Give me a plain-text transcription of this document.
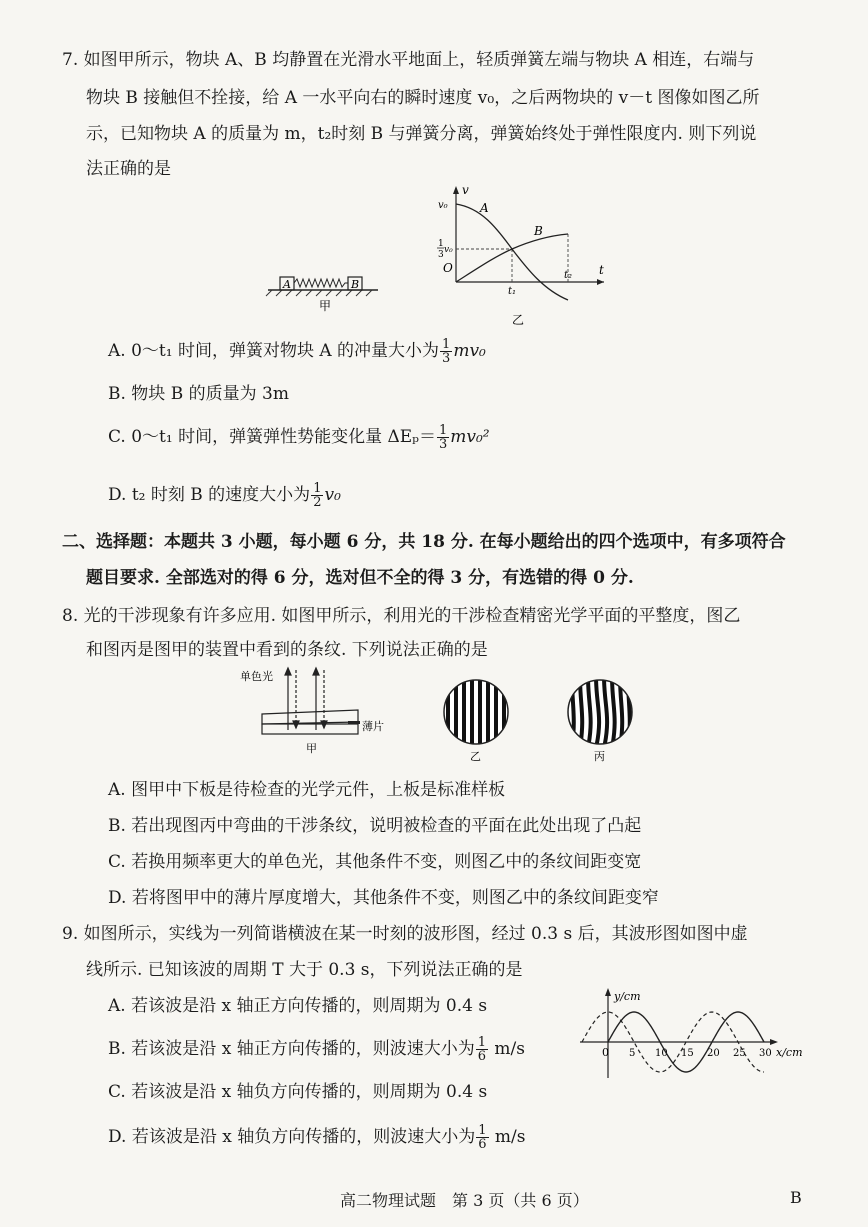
7. 如图甲所示，物块 A、B 均静置在光滑水平地面上，轻质弹簧左端与物块 A 相连，右端与
物块 B 接触但不拴接，给 A 一水平向右的瞬时速度 v₀，之后两物块的 v－t 图像如图乙所
示，已知物块 A 的质量为 m，t₂时刻 B 与弹簧分离，弹簧始终处于弹性限度内. 则下列说
法正确的是
A	B
甲
v
t
O
v₀
1
3 v₀
A
B
t₁
t₂
乙
A. 0～t₁ 时间，弹簧对物块 A 的冲量大小为 $\frac{1}{3} mv_0$
B. 物块 B 的质量为 3m
C. 0～t₁ 时间，弹簧弹性势能变化量 $\Delta E_p= \frac{1}{3} mv_0^2$
D. t₂ 时刻 B 的速度大小为 $\frac{1}{2} v_0$
二、选择题：本题共 3 小题，每小题 6 分，共 18 分. 在每小题给出的四个选项中，有多项符合
题目要求. 全部选对的得 6 分，选对但不全的得 3 分，有选错的得 0 分.
8. 光的干涉现象有许多应用. 如图甲所示，利用光的干涉检查精密光学平面的平整度，图乙
和图丙是图甲的装置中看到的条纹. 下列说法正确的是
单色光
薄片
甲
乙	丙
A. 图甲中下板是待检查的光学元件，上板是标准样板
B. 若出现图丙中弯曲的干涉条纹，说明被检查的平面在此处出现了凸起
C. 若换用频率更大的单色光，其他条件不变，则图乙中的条纹间距变宽
D. 若将图甲中的薄片厚度增大，其他条件不变，则图乙中的条纹间距变窄
9. 如图所示，实线为一列简谐横波在某一时刻的波形图，经过 0.3 s 后，其波形图如图中虚
线所示. 已知该波的周期 T 大于 0.3 s，下列说法正确的是
A. 若该波是沿 x 轴正方向传播的，则周期为 0.4 s
B. 若该波是沿 x 轴正方向传播的，则波速大小为 $\frac{1}{6} m/s$
C. 若该波是沿 x 轴负方向传播的，则周期为 0.4 s
D. 若该波是沿 x 轴负方向传播的，则波速大小为 $\frac{1}{6} m/s$
y/cm
x/cm
0 5 10 15 20 25 30
高二物理试题　第 3 页（共 6 页）	B
